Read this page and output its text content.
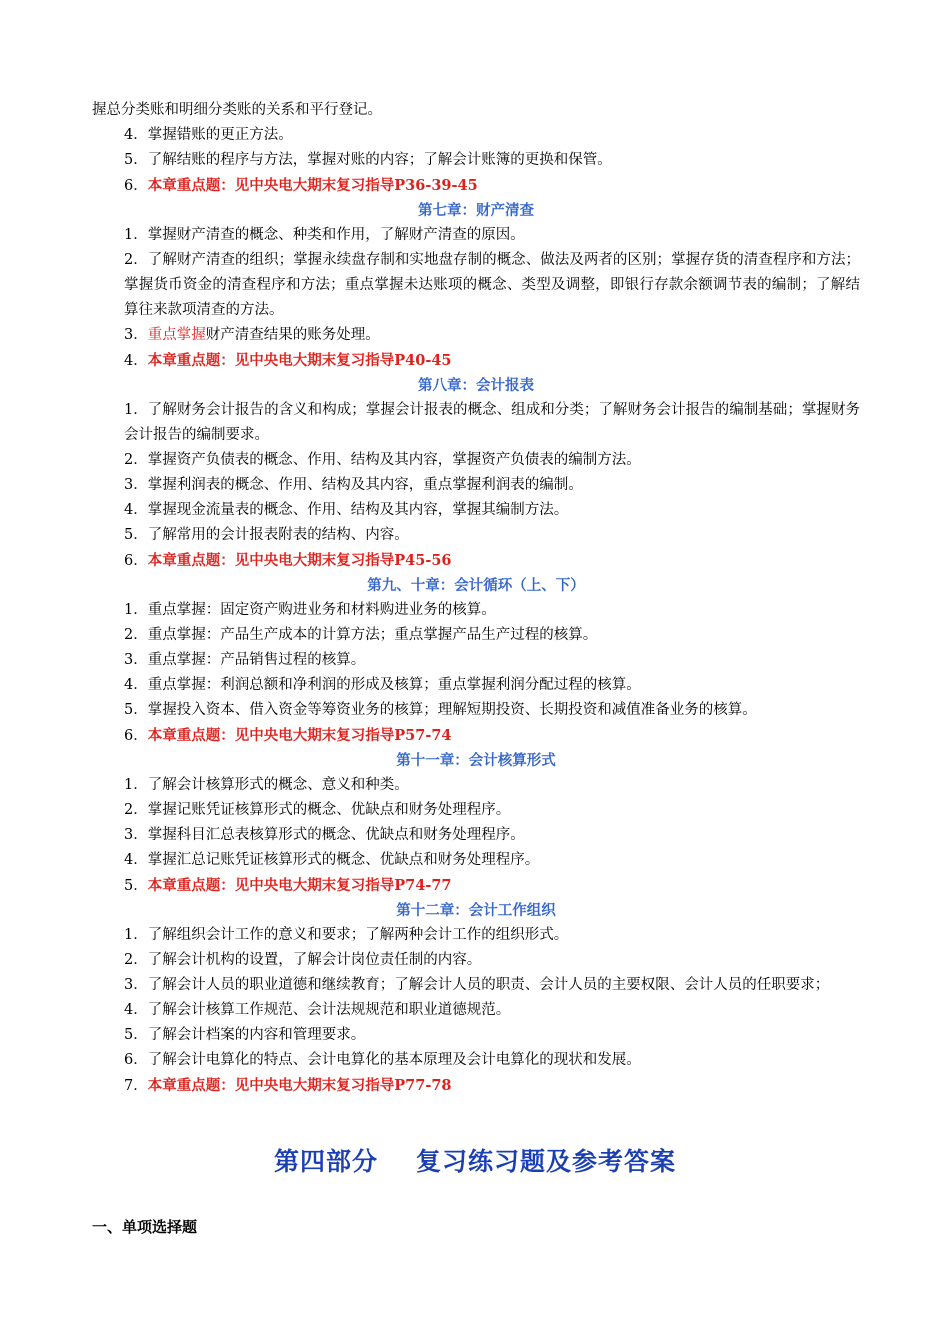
握总分类账和明细分类账的关系和平行登记。
4．掌握错账的更正方法。
5．了解结账的程序与方法，掌握对账的内容；了解会计账簿的更换和保管。
6．本章重点题：见中央电大期末复习指导P36-39-45
第七章：财产清查
1．掌握财产清查的概念、种类和作用，了解财产清查的原因。
2．了解财产清查的组织；掌握永续盘存制和实地盘存制的概念、做法及两者的区别；掌握存货的清查程序和方法；掌握货币资金的清查程序和方法；重点掌握未达账项的概念、类型及调整，即银行存款余额调节表的编制；了解结算往来款项清查的方法。
3．重点掌握财产清查结果的账务处理。
4．本章重点题：见中央电大期末复习指导P40-45
第八章：会计报表
1．了解财务会计报告的含义和构成；掌握会计报表的概念、组成和分类；了解财务会计报告的编制基础；掌握财务会计报告的编制要求。
2．掌握资产负债表的概念、作用、结构及其内容，掌握资产负债表的编制方法。
3．掌握利润表的概念、作用、结构及其内容，重点掌握利润表的编制。
4．掌握现金流量表的概念、作用、结构及其内容，掌握其编制方法。
5．了解常用的会计报表附表的结构、内容。
6．本章重点题：见中央电大期末复习指导P45-56
第九、十章：会计循环（上、下）
1．重点掌握：固定资产购进业务和材料购进业务的核算。
2．重点掌握：产品生产成本的计算方法；重点掌握产品生产过程的核算。
3．重点掌握：产品销售过程的核算。
4．重点掌握：利润总额和净利润的形成及核算；重点掌握利润分配过程的核算。
5．掌握投入资本、借入资金等筹资业务的核算；理解短期投资、长期投资和减值准备业务的核算。
6．本章重点题：见中央电大期末复习指导P57-74
第十一章：会计核算形式
1．了解会计核算形式的概念、意义和种类。
2．掌握记账凭证核算形式的概念、优缺点和财务处理程序。
3．掌握科目汇总表核算形式的概念、优缺点和财务处理程序。
4．掌握汇总记账凭证核算形式的概念、优缺点和财务处理程序。
5．本章重点题：见中央电大期末复习指导P74-77
第十二章：会计工作组织
1．了解组织会计工作的意义和要求；了解两种会计工作的组织形式。
2．了解会计机构的设置，了解会计岗位责任制的内容。
3．了解会计人员的职业道德和继续教育；了解会计人员的职责、会计人员的主要权限、会计人员的任职要求；
4．了解会计核算工作规范、会计法规规范和职业道德规范。
5．了解会计档案的内容和管理要求。
6．了解会计电算化的特点、会计电算化的基本原理及会计电算化的现状和发展。
7．本章重点题：见中央电大期末复习指导P77-78
第四部分 复习练习题及参考答案
一、单项选择题
